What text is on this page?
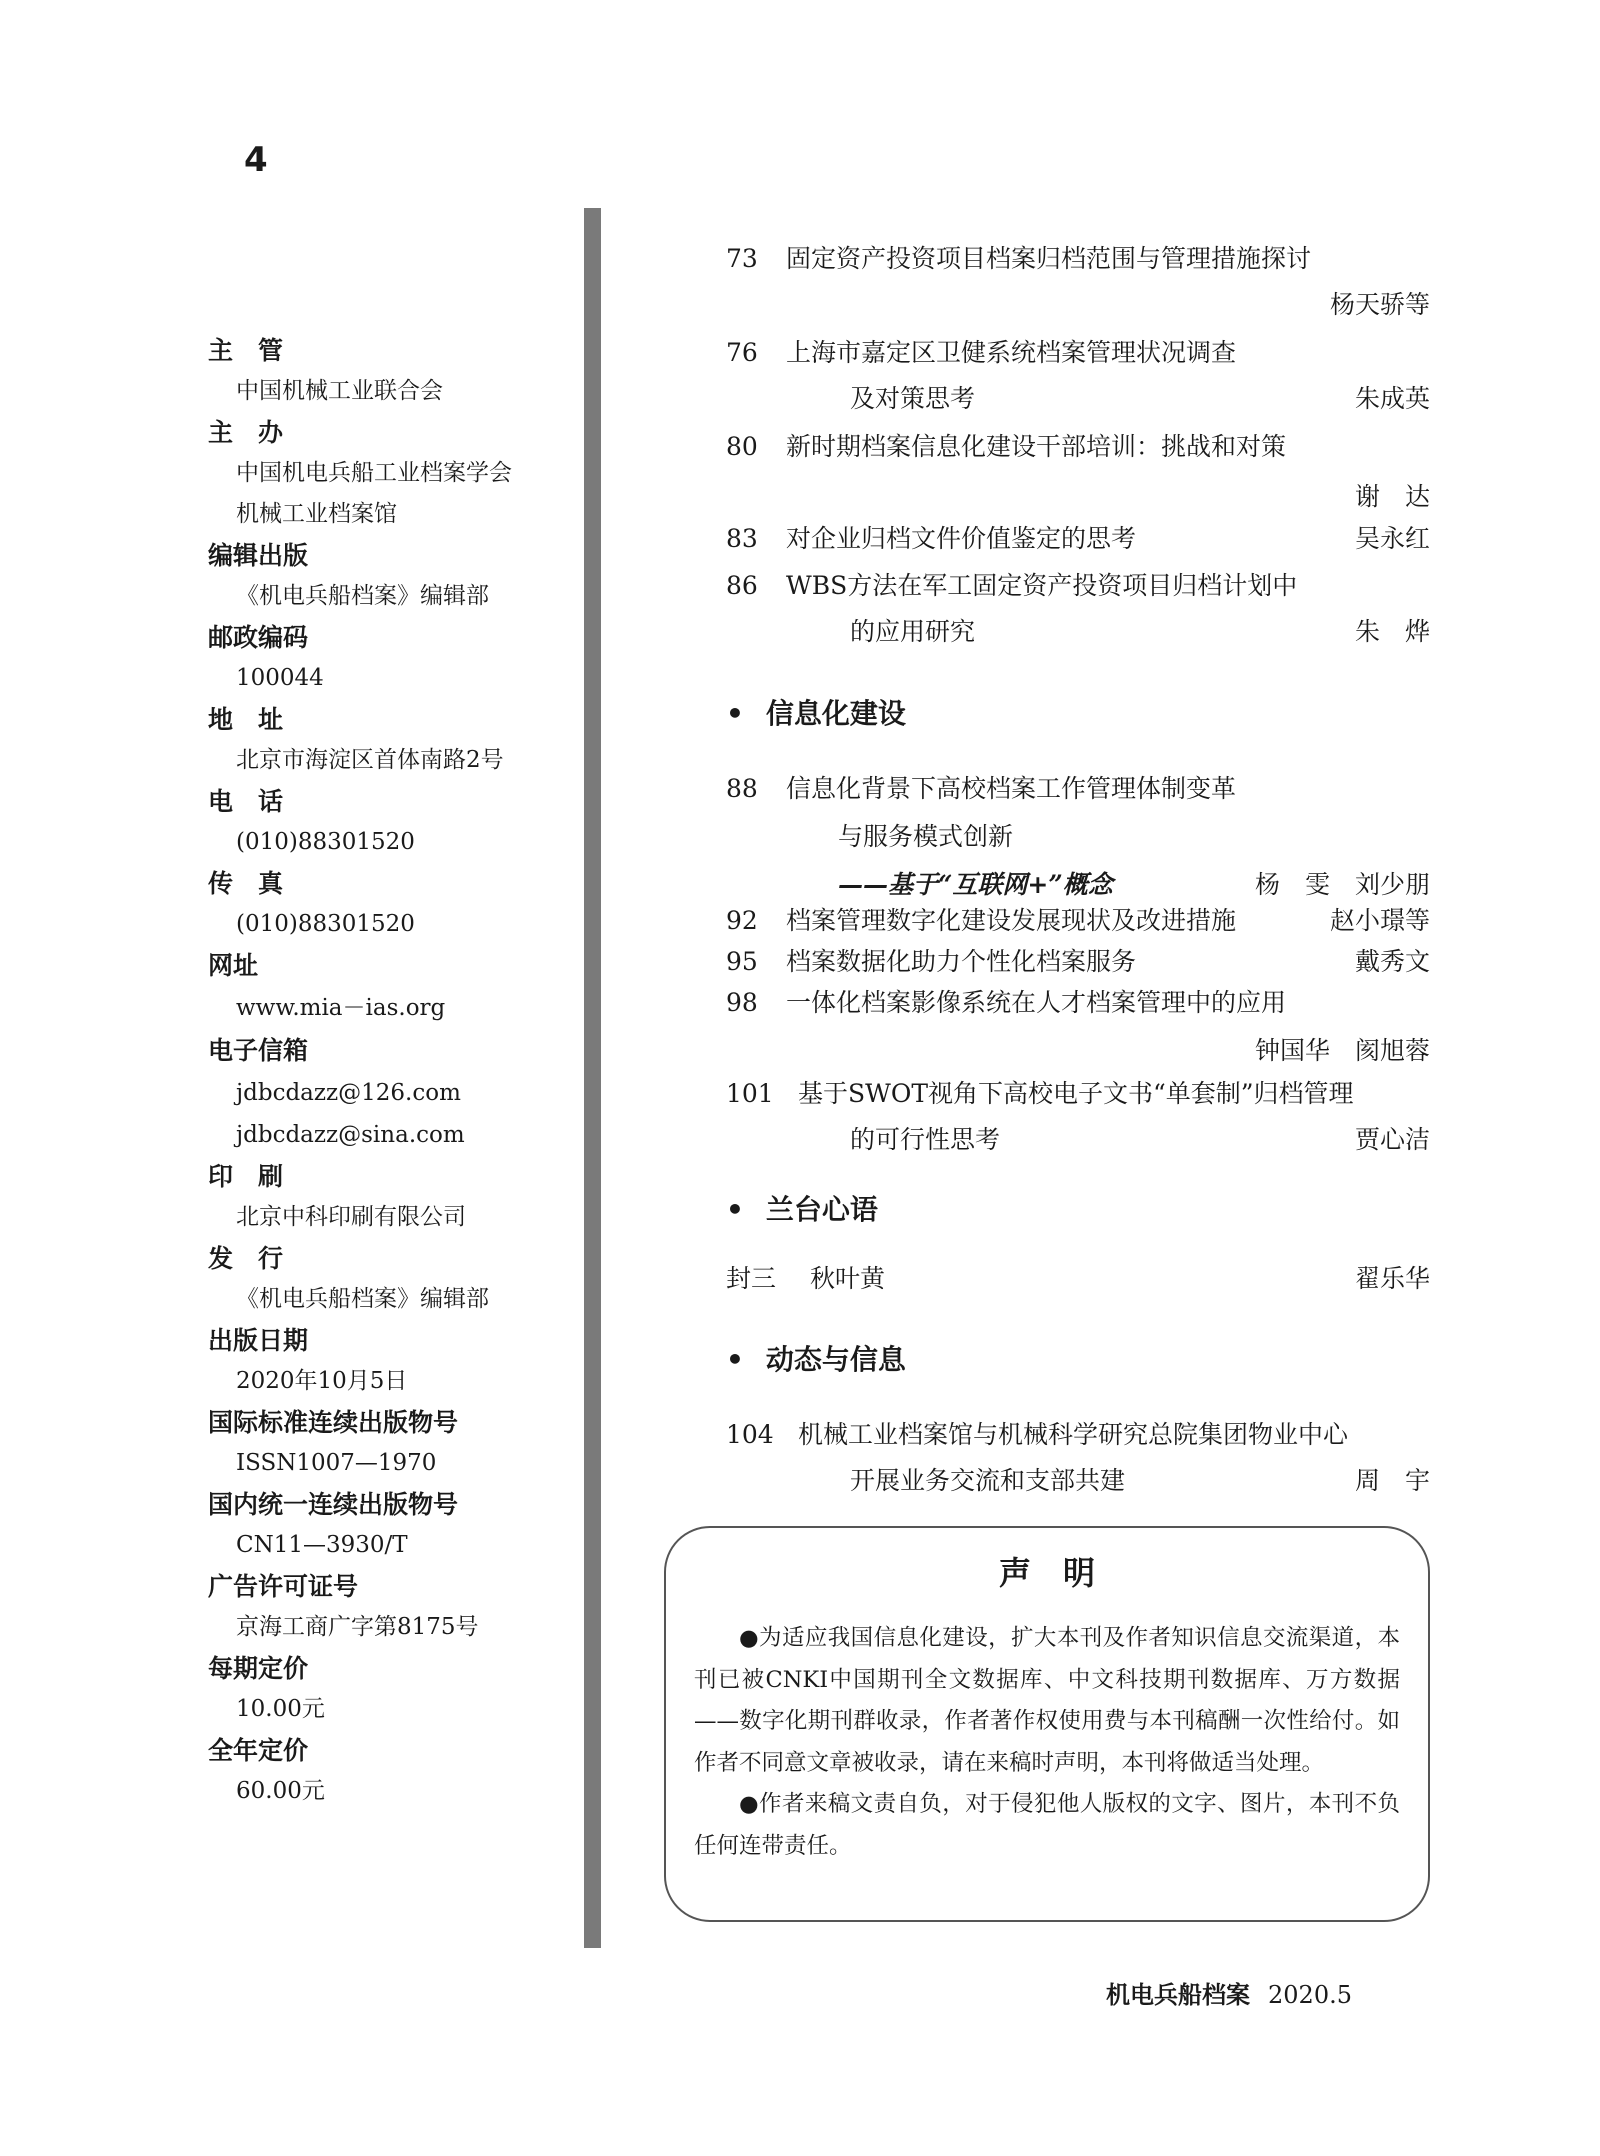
4
主　管
中国机械工业联合会
主　办
中国机电兵船工业档案学会
机械工业档案馆
编辑出版
《机电兵船档案》编辑部
邮政编码
100044
地　址
北京市海淀区首体南路2号
电　话
(010)88301520
传　真
(010)88301520
网址
www.mia－ias.org
电子信箱
jdbcdazz@126.com
jdbcdazz@sina.com
印　刷
北京中科印刷有限公司
发　行
《机电兵船档案》编辑部
出版日期
2020年10月5日
国际标准连续出版物号
ISSN1007—1970
国内统一连续出版物号
CN11—3930/T
广告许可证号
京海工商广字第8175号
每期定价
10.00元
全年定价
60.00元
73	固定资产投资项目档案归档范围与管理措施探讨
杨天骄等
76	上海市嘉定区卫健系统档案管理状况调查
及对策思考	朱成英
80	新时期档案信息化建设干部培训：挑战和对策
谢　达
83	对企业归档文件价值鉴定的思考	吴永红
86	WBS方法在军工固定资产投资项目归档计划中
的应用研究	朱　烨
• 信息化建设
88	信息化背景下高校档案工作管理体制变革
与服务模式创新
——基于“互联网+”概念	杨　雯　刘少朋
92	档案管理数字化建设发展现状及改进措施	赵小璟等
95	档案数据化助力个性化档案服务	戴秀文
98	一体化档案影像系统在人才档案管理中的应用
钟国华　阂旭蓉
101 基于SWOT视角下高校电子文书“单套制”归档管理
的可行性思考	贾心洁
• 兰台心语
封三	秋叶黄	翟乐华
• 动态与信息
104 机械工业档案馆与机械科学研究总院集团物业中心
开展业务交流和支部共建	周　宇
声明

●为适应我国信息化建设，扩大本刊及作者知识信息交流渠道，本刊已被CNKI中国期刊全文数据库、中文科技期刊数据库、万方数据——数字化期刊群收录，作者著作权使用费与本刊稿酬一次性给付。如作者不同意文章被收录，请在来稿时声明，本刊将做适当处理。

●作者来稿文责自负，对于侵犯他人版权的文字、图片，本刊不负任何连带责任。

机电兵船档案 2020.5
